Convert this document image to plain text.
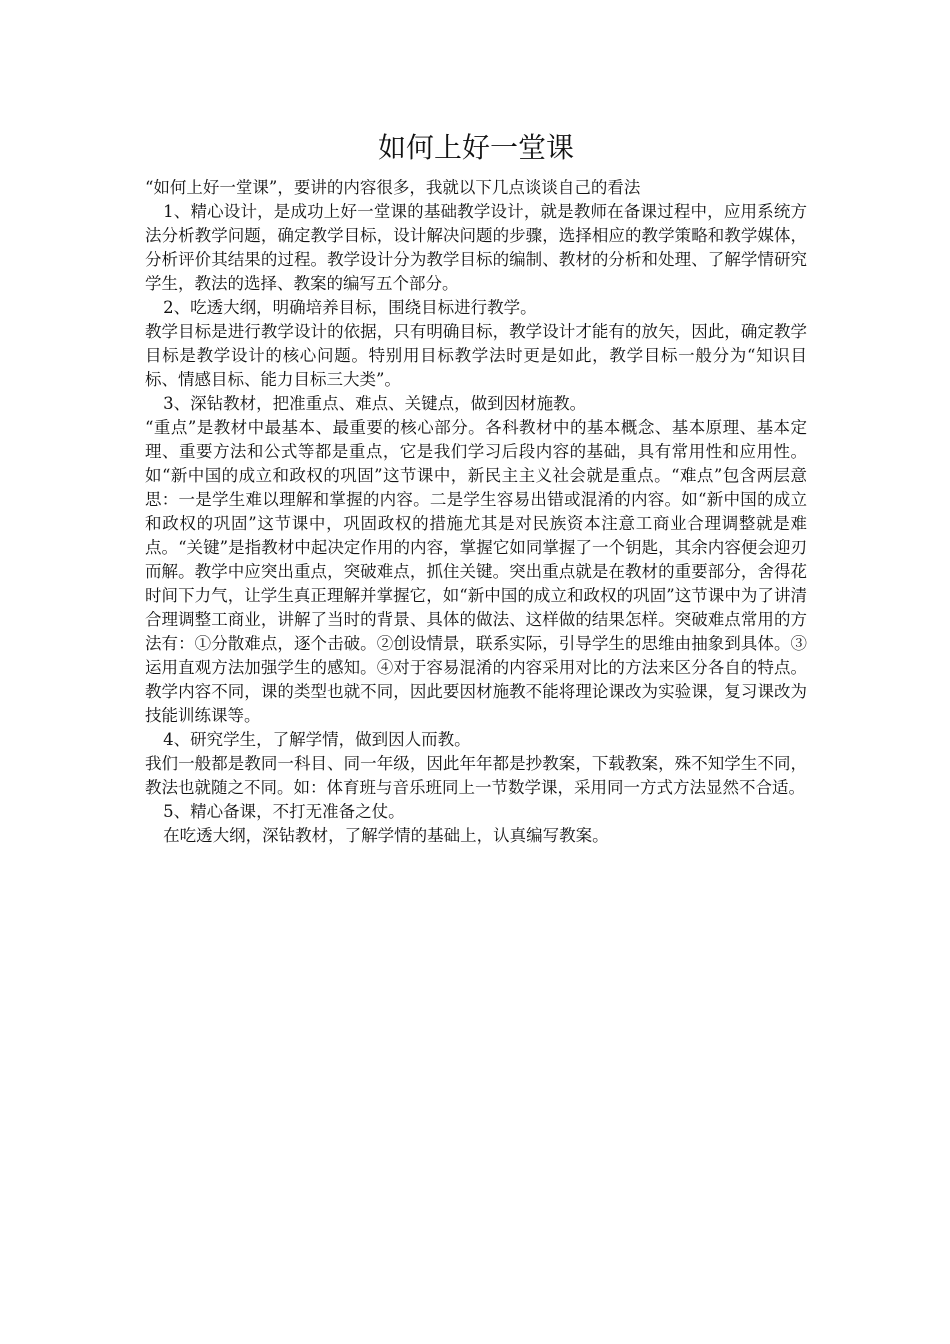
如何上好一堂课

“如何上好一堂课”，要讲的内容很多，我就以下几点谈谈自己的看法

1、精心设计，是成功上好一堂课的基础教学设计，就是教师在备课过程中，应用系统方法分析教学问题，确定教学目标，设计解决问题的步骤，选择相应的教学策略和教学媒体，分析评价其结果的过程。教学设计分为教学目标的编制、教材的分析和处理、了解学情研究学生，教法的选择、教案的编写五个部分。

2、吃透大纲，明确培养目标，围绕目标进行教学。

教学目标是进行教学设计的依据，只有明确目标，教学设计才能有的放矢，因此，确定教学目标是教学设计的核心问题。特别用目标教学法时更是如此，教学目标一般分为“知识目标、情感目标、能力目标三大类”。

3、深钻教材，把准重点、难点、关键点，做到因材施教。

“重点”是教材中最基本、最重要的核心部分。各科教材中的基本概念、基本原理、基本定理、重要方法和公式等都是重点，它是我们学习后段内容的基础，具有常用性和应用性。如“新中国的成立和政权的巩固”这节课中，新民主主义社会就是重点。“难点”包含两层意思：一是学生难以理解和掌握的内容。二是学生容易出错或混淆的内容。如“新中国的成立和政权的巩固”这节课中，巩固政权的措施尤其是对民族资本注意工商业合理调整就是难点。“关键”是指教材中起决定作用的内容，掌握它如同掌握了一个钥匙，其余内容便会迎刃而解。教学中应突出重点，突破难点，抓住关键。突出重点就是在教材的重要部分，舍得花时间下力气，让学生真正理解并掌握它，如“新中国的成立和政权的巩固”这节课中为了讲清合理调整工商业，讲解了当时的背景、具体的做法、这样做的结果怎样。突破难点常用的方法有：①分散难点，逐个击破。②创设情景，联系实际，引导学生的思维由抽象到具体。③运用直观方法加强学生的感知。④对于容易混淆的内容采用对比的方法来区分各自的特点。教学内容不同，课的类型也就不同，因此要因材施教不能将理论课改为实验课，复习课改为技能训练课等。

4、研究学生，了解学情，做到因人而教。

我们一般都是教同一科目、同一年级，因此年年都是抄教案，下载教案，殊不知学生不同，教法也就随之不同。如：体育班与音乐班同上一节数学课，采用同一方式方法显然不合适。

5、精心备课，不打无准备之仗。

在吃透大纲，深钻教材，了解学情的基础上，认真编写教案。
